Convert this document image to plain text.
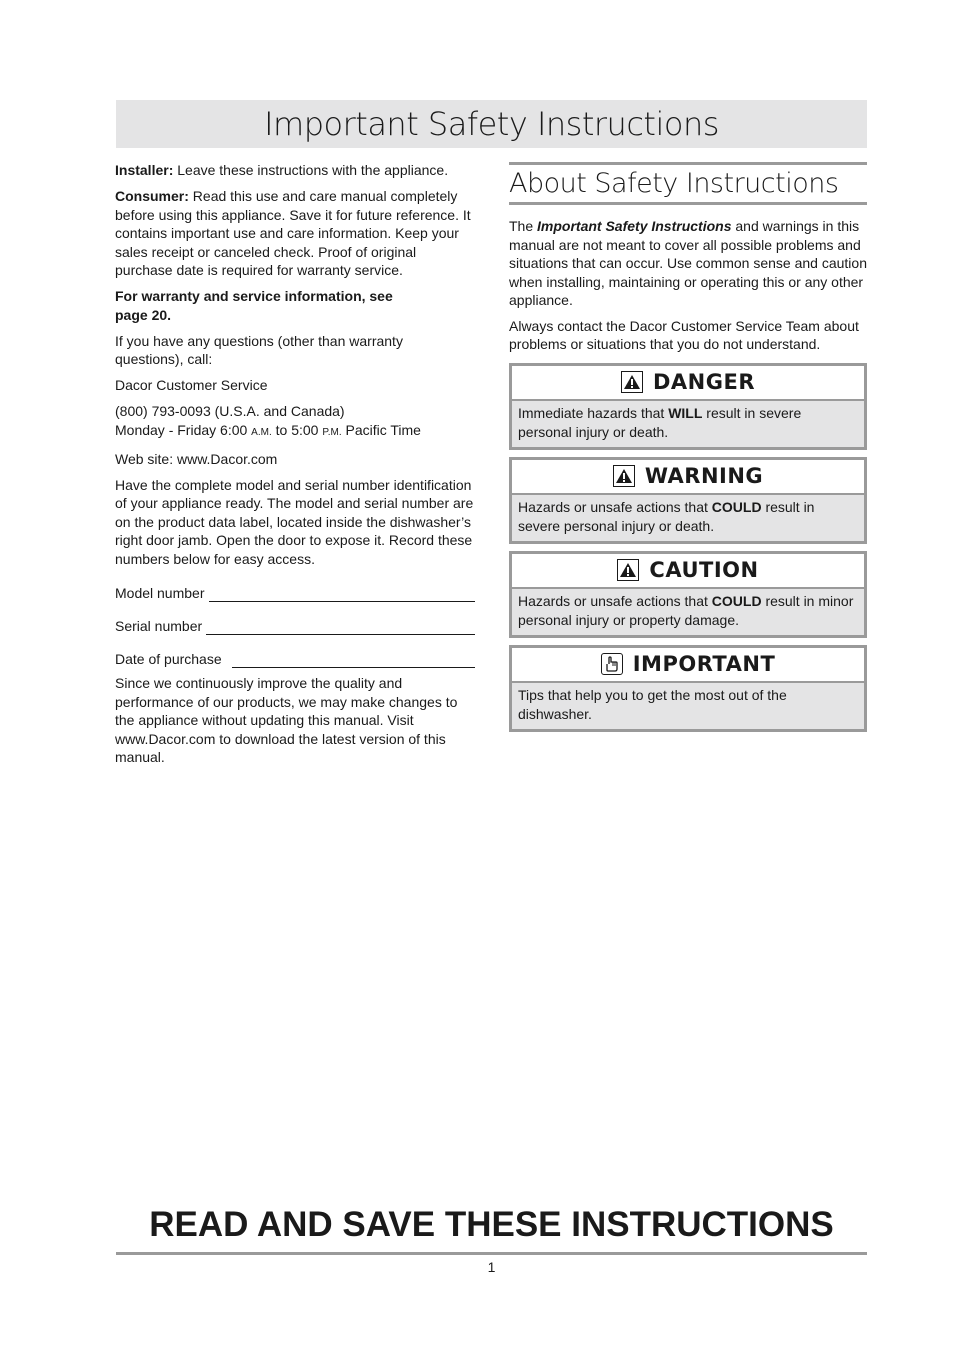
Important Safety Instructions

Installer: Leave these instructions with the appliance.

Consumer: Read this use and care manual completely before using this appliance. Save it for future reference. It contains important use and care information. Keep your sales receipt or canceled check. Proof of original purchase date is required for warranty service.

For warranty and service information, see
page 20.

If you have any questions (other than warranty questions), call:

Dacor Customer Service

(800) 793-0093 (U.S.A. and Canada)
Monday - Friday 6:00 A.M. to 5:00 P.M. Pacific Time

Web site: www.Dacor.com

Have the complete model and serial number identification of your appliance ready. The model and serial number are on the product data label, located inside the dishwasher’s right door jamb. Open the door to expose it. Record these numbers below for easy access.

Model number
Serial number
Date of purchase

Since we continuously improve the quality and performance of our products, we may make changes to the appliance without updating this manual. Visit www.Dacor.com to download the latest version of this manual.

About Safety Instructions

The Important Safety Instructions and warnings in this manual are not meant to cover all possible problems and situations that can occur. Use common sense and caution when installing, maintaining or operating this or any other appliance.

Always contact the Dacor Customer Service Team about problems or situations that you do not understand.

DANGER
Immediate hazards that WILL result in severe personal injury or death.
WARNING
Hazards or unsafe actions that COULD result in severe personal injury or death.
CAUTION
Hazards or unsafe actions that COULD result in minor personal injury or property damage.
IMPORTANT
Tips that help you to get the most out of the dishwasher.
READ AND SAVE THESE INSTRUCTIONS
1
